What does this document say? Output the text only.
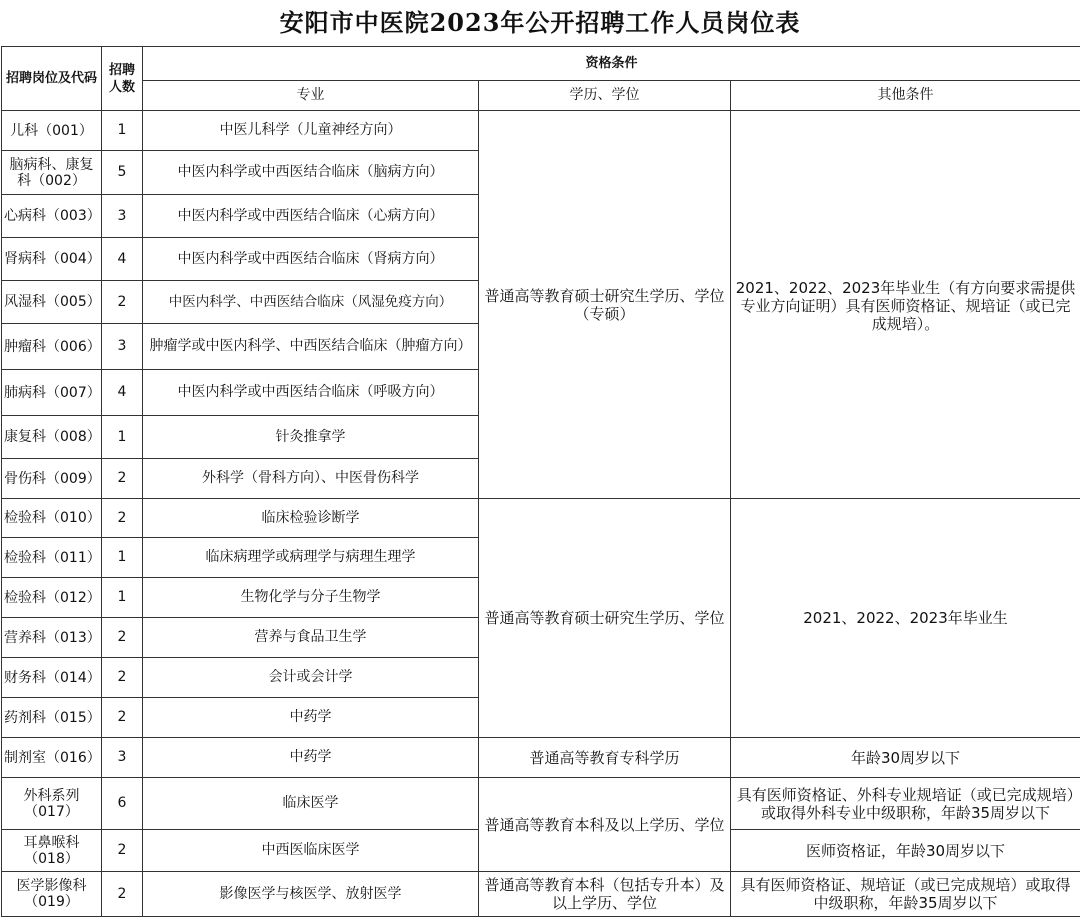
安阳市中医院2023年公开招聘工作人员岗位表
招聘岗位及代码	招聘人数	资格条件		
		专业	学历、学位	其他条件
儿科（001）	1	中医儿科学（儿童神经方向）	普通高等教育硕士研究生学历、学位（专硕）	2021、2022、2023年毕业生（有方向要求需提供专业方向证明）具有医师资格证、规培证（或已完成规培）。
脑病科、康复科（002）	5	中医内科学或中西医结合临床（脑病方向）		
心病科（003）	3	中医内科学或中西医结合临床（心病方向）		
肾病科（004）	4	中医内科学或中西医结合临床（肾病方向）		
风湿科（005）	2	中医内科学、中西医结合临床（风湿免疫方向）		
肿瘤科（006）	3	肿瘤学或中医内科学、中西医结合临床（肿瘤方向）		
肺病科（007）	4	中医内科学或中西医结合临床（呼吸方向）		
康复科（008）	1	针灸推拿学		
骨伤科（009）	2	外科学（骨科方向）、中医骨伤科学		
检验科（010）	2	临床检验诊断学	普通高等教育硕士研究生学历、学位	2021、2022、2023年毕业生
检验科（011）	1	临床病理学或病理学与病理生理学		
检验科（012）	1	生物化学与分子生物学		
营养科（013）	2	营养与食品卫生学		
财务科（014）	2	会计或会计学		
药剂科（015）	2	中药学		
制剂室（016）	3	中药学	普通高等教育专科学历	年龄30周岁以下
外科系列（017）	6	临床医学	普通高等教育本科及以上学历、学位	具有医师资格证、外科专业规培证（或已完成规培）或取得外科专业中级职称，年龄35周岁以下
耳鼻喉科（018）	2	中西医临床医学		医师资格证，年龄30周岁以下
医学影像科（019）	2	影像医学与核医学、放射医学	普通高等教育本科（包括专升本）及以上学历、学位	具有医师资格证、规培证（或已完成规培）或取得中级职称，年龄35周岁以下
